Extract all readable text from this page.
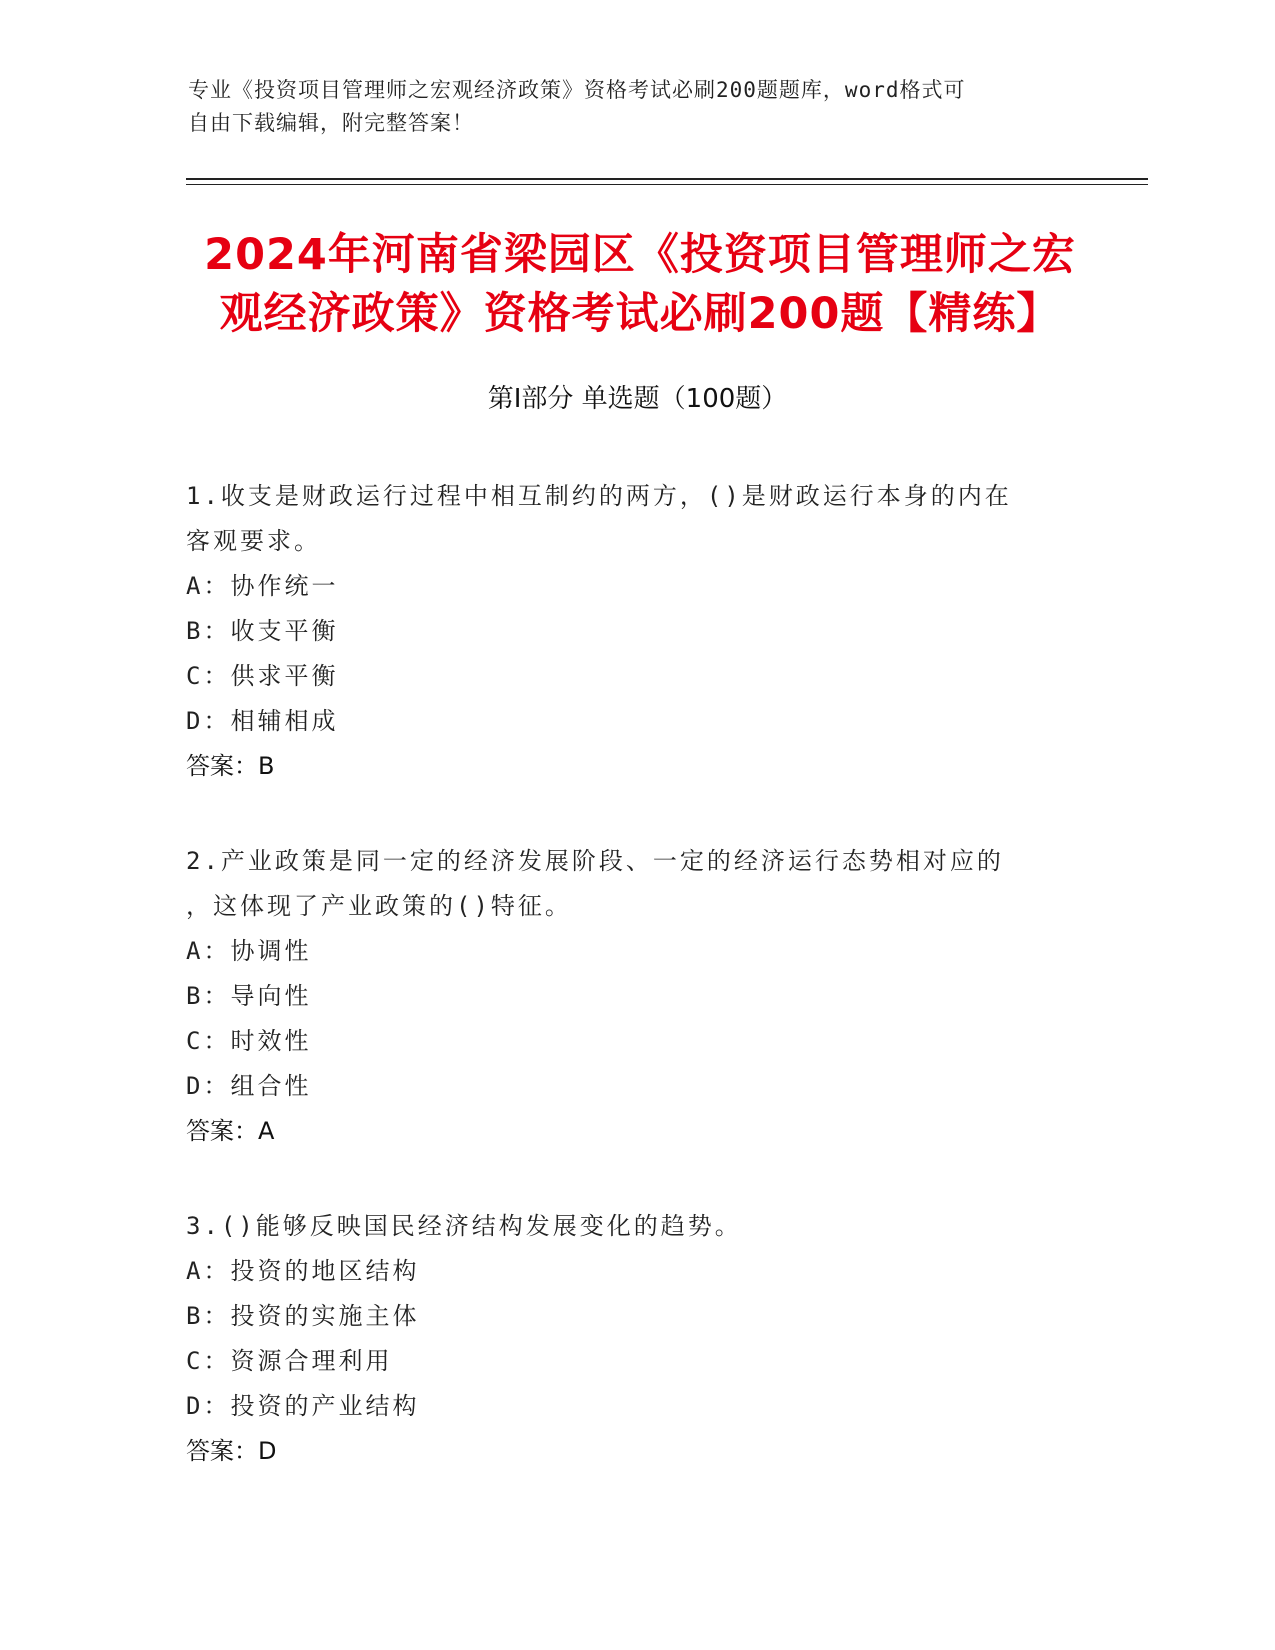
专业《投资项目管理师之宏观经济政策》资格考试必刷200题题库，word格式可
自由下载编辑，附完整答案！
2024年河南省梁园区《投资项目管理师之宏
观经济政策》资格考试必刷200题【精练】
第Ⅰ部分 单选题（100题）
1.收支是财政运行过程中相互制约的两方，()是财政运行本身的内在
客观要求。
A：协作统一
B：收支平衡
C：供求平衡
D：相辅相成
答案：B
2.产业政策是同一定的经济发展阶段、一定的经济运行态势相对应的
，这体现了产业政策的()特征。
A：协调性
B：导向性
C：时效性
D：组合性
答案：A
3.()能够反映国民经济结构发展变化的趋势。
A：投资的地区结构
B：投资的实施主体
C：资源合理利用
D：投资的产业结构
答案：D
